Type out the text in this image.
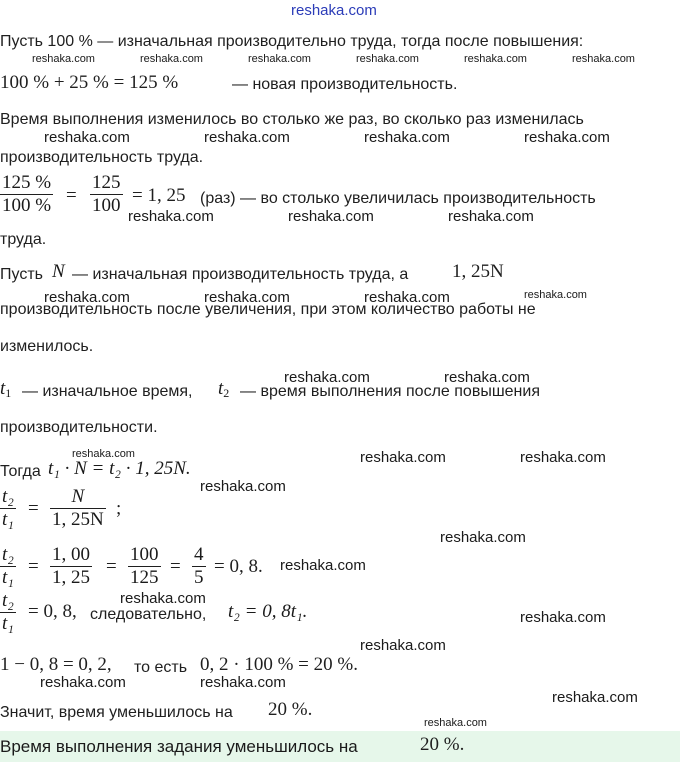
reshaka.com
Пусть 100 % — изначальная производительно труда, тогда после повышения:
reshaka.com	reshaka.com	reshaka.com	reshaka.com	reshaka.com	reshaka.com
100 % + 25 % = 125 %	— новая производительность.
Время выполнения изменилось во столько же раз, во сколько раз изменилась
reshaka.com	reshaka.com	reshaka.com	reshaka.com
производительность труда.
$\frac{125 \%}{100 \%} = \frac{125}{100} = 1$, 25 (раз) — во столько увеличилась производительность
reshaka.com	reshaka.com	reshaka.com
труда.
Пусть N — изначальная производительность труда, а 1, 25N
reshaka.com	reshaka.com	reshaka.com	reshaka.com
производительность после увеличения, при этом количество работы не
изменилось.
reshaka.com	reshaka.com
$t_1$ — изначальное время, $t_2$ — время выполнения после повышения
производительности.
reshaka.com	reshaka.com	reshaka.com
Тогда t₁ · N = t₂ · 1, 25N.
reshaka.com
$\frac{\text{t₂}}{\text{t₁}} = \frac{N}{1, 25N}$ ;
reshaka.com
$\frac{\text{t₂}}{\text{t₁}} = \frac{1, 00}{1, 25} = \frac{100}{125} = \frac{4}{5} = 0$, 8. reshaka.com
reshaka.com
$\frac{\text{t₂}}{\text{t₁}} = 0$, 8, следовательно, t₂ = 0, 8t₁.	reshaka.com
reshaka.com
1 − 0, 8 = 0, 2, то есть 0, 2 · 100 % = 20 %.
reshaka.com	reshaka.com
reshaka.com
Значит, время уменьшилось на 20 %.
reshaka.com
Время выполнения задания уменьшилось на	20 %.
